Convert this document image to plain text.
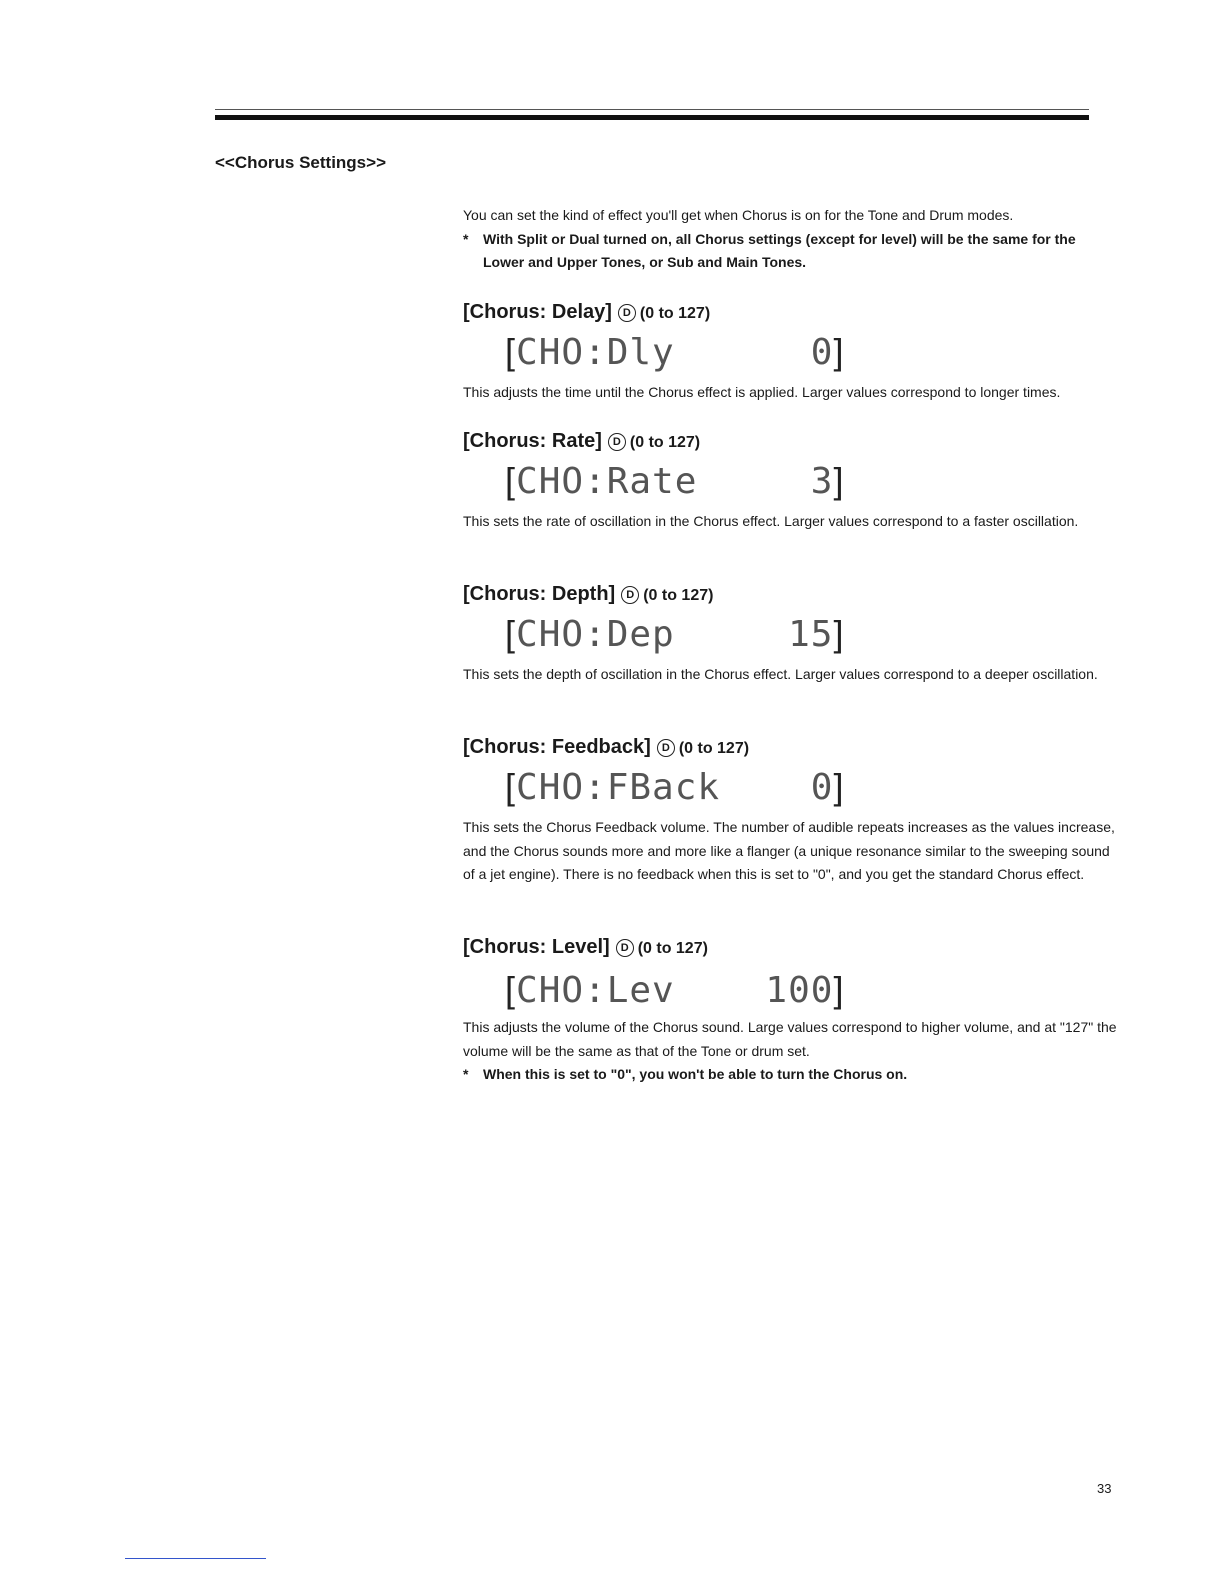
<<Chorus Settings>>

You can set the kind of effect you'll get when Chorus is on for the Tone and Drum modes.

* With Split or Dual turned on, all Chorus settings (except for level) will be the same for the Lower and Upper Tones, or Sub and Main Tones.

[Chorus: Delay] D (0 to 127)
[CHO:Dly      0]

This adjusts the time until the Chorus effect is applied. Larger values correspond to longer times.

[Chorus: Rate] D (0 to 127)
[CHO:Rate     3]

This sets the rate of oscillation in the Chorus effect. Larger values correspond to a faster oscillation.

[Chorus: Depth] D (0 to 127)
[CHO:Dep     15]

This sets the depth of oscillation in the Chorus effect. Larger values correspond to a deeper oscillation.

[Chorus: Feedback] D (0 to 127)
[CHO:FBack    0]

This sets the Chorus Feedback volume. The number of audible repeats increases as the values increase, and the Chorus sounds more and more like a flanger (a unique resonance similar to the sweeping sound of a jet engine). There is no feedback when this is set to "0", and you get the standard Chorus effect.

[Chorus: Level] D (0 to 127)
[CHO:Lev    100]

This adjusts the volume of the Chorus sound. Large values correspond to higher volume, and at "127" the volume will be the same as that of the Tone or drum set.

* When this is set to "0", you won't be able to turn the Chorus on.

33
